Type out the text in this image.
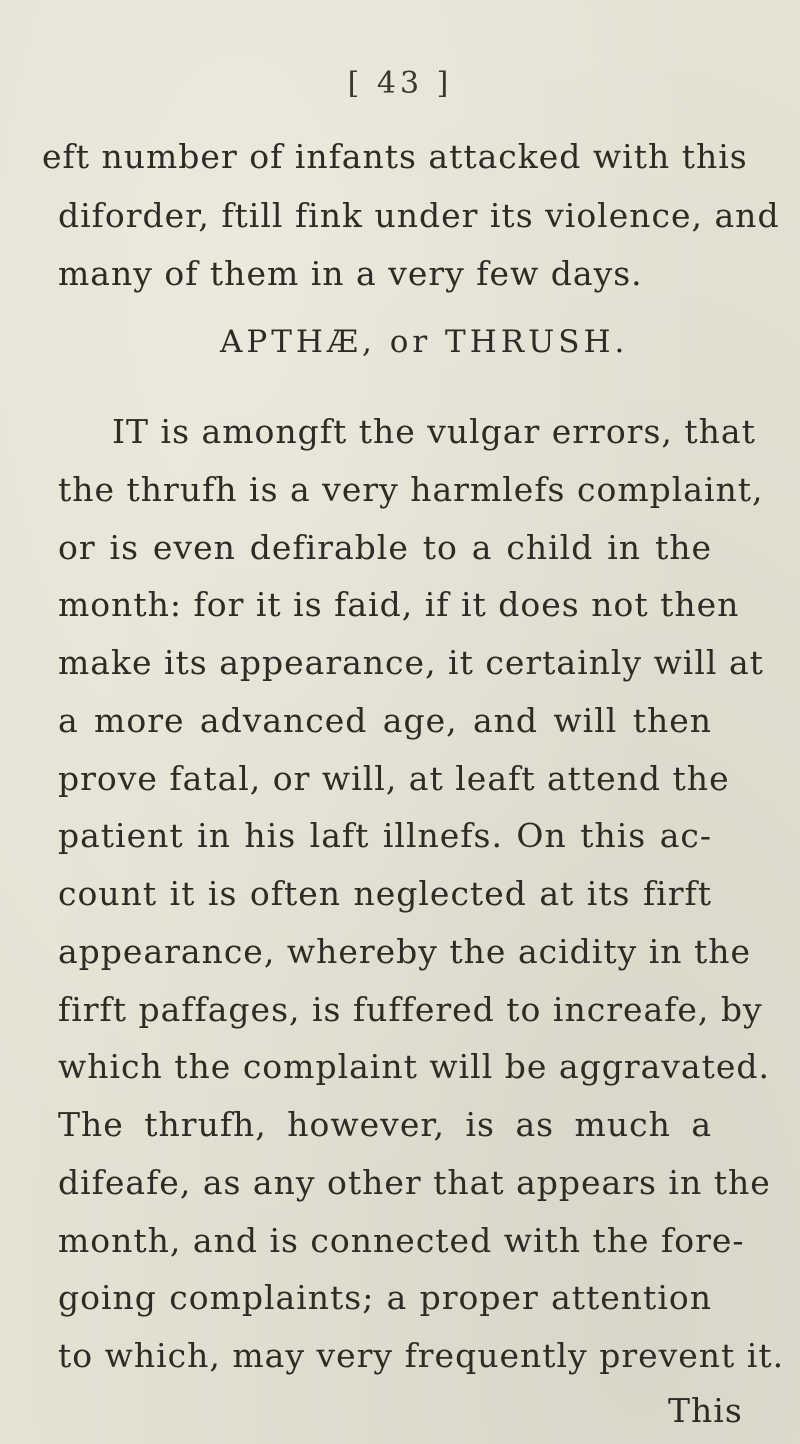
[ 43 ]
eft number of infants attacked with this
diforder, ftill fink under its violence, and
many of them in a very few days.
APTHÆ, or THRUSH.
IT is amongft the vulgar errors, that
the thrufh is a very harmlefs complaint,
or is even defirable to a child in the
month: for it is faid, if it does not then
make its appearance, it certainly will at
a more advanced age, and will then
prove fatal, or will, at leaft attend the
patient in his laft illnefs. On this ac-
count it is often neglected at its firft
appearance, whereby the acidity in the
firft paffages, is fuffered to increafe, by
which the complaint will be aggravated.
The thrufh, however, is as much a
difeafe, as any other that appears in the
month, and is connected with the fore-
going complaints; a proper attention
to which, may very frequently prevent it.
This
